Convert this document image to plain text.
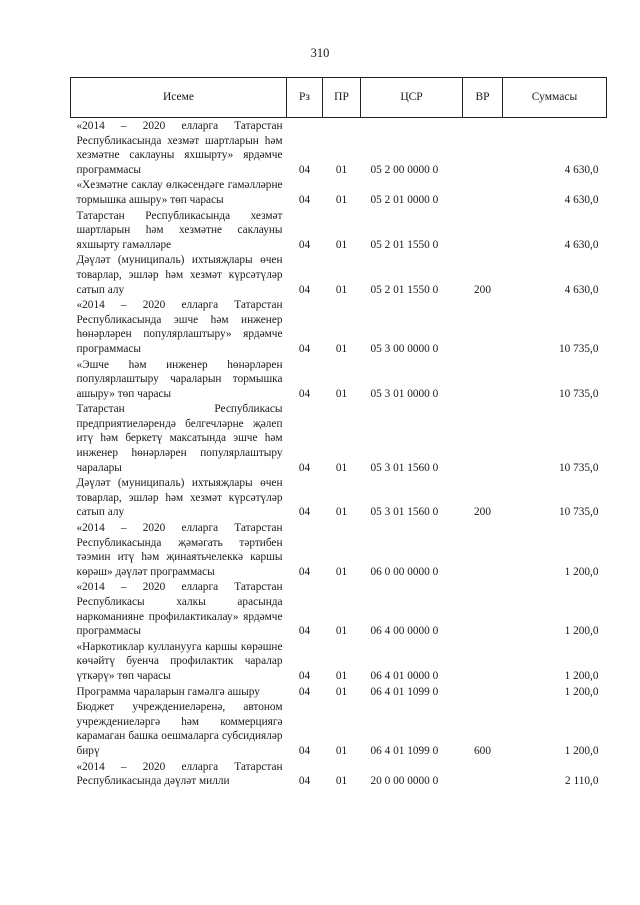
310
Исеме	Рз	ПР	ЦСР	ВР	Суммасы
«2014 – 2020 елларга Татарстан Республикасында хезмәт шартларын һәм хезмәтне саклауны яхшырту» ярдәмче программасы	04	01	05 2 00 0000 0		4 630,0
«Хезмәтне саклау өлкәсендәге гамәлләрне тормышка ашыру» төп чарасы	04	01	05 2 01 0000 0		4 630,0
Татарстан Республикасында хезмәт шартларын һәм хезмәтне саклауны яхшырту гамәлләре	04	01	05 2 01 1550 0		4 630,0
Дәүләт (муниципаль) ихтыяҗлары өчен товарлар, эшләр һәм хезмәт күрсәтүләр сатып алу	04	01	05 2 01 1550 0	200	4 630,0
«2014 – 2020 елларга Татарстан Республикасында эшче һәм инженер һөнәрләрен популярлаштыру» ярдәмче программасы	04	01	05 3 00 0000 0		10 735,0
«Эшче һәм инженер һөнәрләрен популярлаштыру чараларын тормышка ашыру» төп чарасы	04	01	05 3 01 0000 0		10 735,0
Татарстан Республикасы предприятиеләрендә белгечләрне җәлеп итү һәм беркетү максатында эшче һәм инженер һөнәрләрен популярлаштыру чаралары	04	01	05 3 01 1560 0		10 735,0
Дәүләт (муниципаль) ихтыяҗлары өчен товарлар, эшләр һәм хезмәт күрсәтүләр сатып алу	04	01	05 3 01 1560 0	200	10 735,0
«2014 – 2020 елларга Татарстан Республикасында җәмәгать тәртибен тәэмин итү һәм җинаятьчелеккә каршы көрәш» дәүләт программасы	04	01	06 0 00 0000 0		1 200,0
«2014 – 2020 елларга Татарстан Республикасы халкы арасында наркоманияне профилактикалау» ярдәмче программасы	04	01	06 4 00 0000 0		1 200,0
«Наркотиклар кулланууга каршы көрәшне көчәйтү буенча профилактик чаралар үткәрү» төп чарасы	04	01	06 4 01 0000 0		1 200,0
Программа чараларын гамәлгә ашыру	04	01	06 4 01 1099 0		1 200,0
Бюджет учреждениеләренә, автоном учреждениеләргә һәм коммерциягә карамаган башка оешмаларга субсидияләр бирү	04	01	06 4 01 1099 0	600	1 200,0
«2014 – 2020 елларга Татарстан Республикасында дәүләт милли	04	01	20 0 00 0000 0		2 110,0
